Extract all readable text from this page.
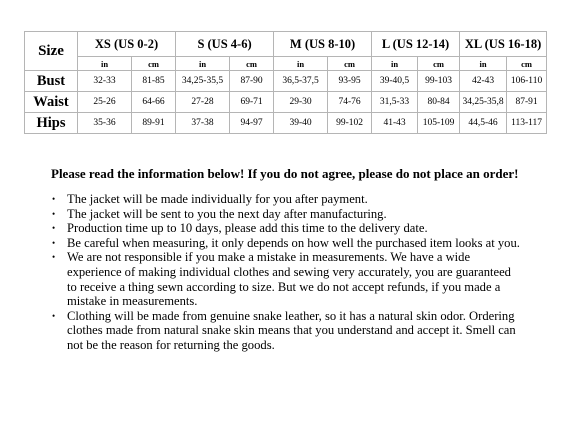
Size	XS (US 0-2)		S (US 4-6)		M (US 8-10)		L (US 12-14)		XL (US 16-18)	
	in	cm	in	cm	in	cm	in	cm	in	cm
Bust	32-33	81-85	34,25-35,5	87-90	36,5-37,5	93-95	39-40,5	99-103	42-43	106-110
Waist	25-26	64-66	27-28	69-71	29-30	74-76	31,5-33	80-84	34,25-35,8	87-91
Hips	35-36	89-91	37-38	94-97	39-40	99-102	41-43	105-109	44,5-46	113-117
Please read the information below! If you do not agree, please do not place an order!
• The jacket will be made individually for you after payment.
• The jacket will be sent to you the next day after manufacturing.
• Production time up to 10 days, please add this time to the delivery date.
• Be careful when measuring, it only depends on how well the purchased item looks at you.
• We are not responsible if you make a mistake in measurements. We have a wide experience of making individual clothes and sewing very accurately, you are guaranteed to receive a thing sewn according to size. But we do not accept refunds, if you made a mistake in measurements.
• Clothing will be made from genuine snake leather, so it has a natural skin odor. Ordering clothes made from natural snake skin means that you understand and accept it. Smell can not be the reason for returning the goods.
